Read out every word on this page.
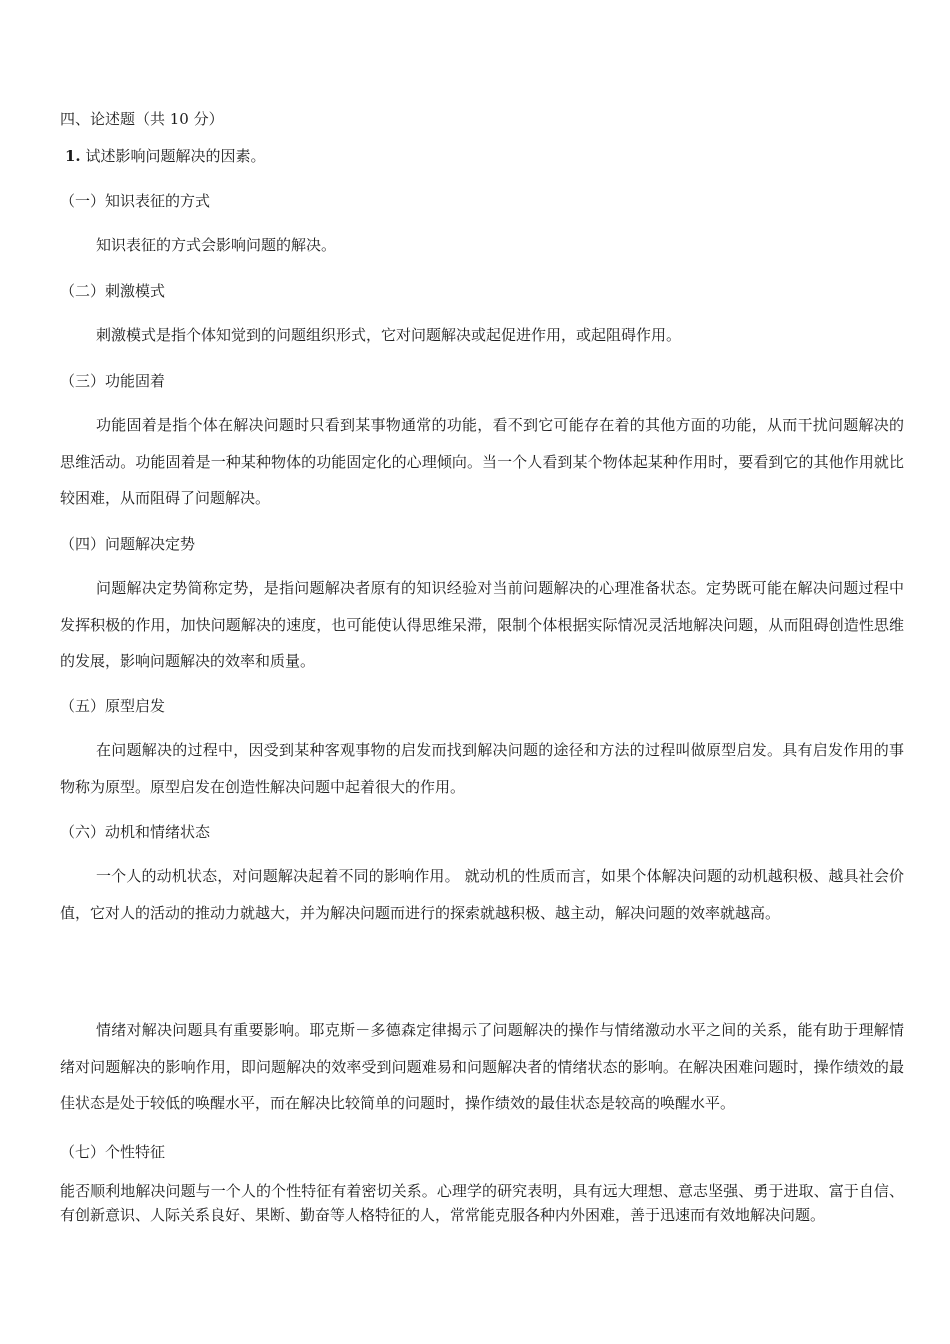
四、论述题（共 10 分）
1. 试述影响问题解决的因素。
（一）知识表征的方式

知识表征的方式会影响问题的解决。

（二）刺激模式

刺激模式是指个体知觉到的问题组织形式，它对问题解决或起促进作用，或起阻碍作用。

（三）功能固着

功能固着是指个体在解决问题时只看到某事物通常的功能，看不到它可能存在着的其他方面的功能，从而干扰问题解决的思维活动。功能固着是一种某种物体的功能固定化的心理倾向。当一个人看到某个物体起某种作用时，要看到它的其他作用就比较困难，从而阻碍了问题解决。

（四）问题解决定势

问题解决定势简称定势，是指问题解决者原有的知识经验对当前问题解决的心理准备状态。定势既可能在解决问题过程中发挥积极的作用，加快问题解决的速度，也可能使认得思维呆滞，限制个体根据实际情况灵活地解决问题，从而阻碍创造性思维的发展，影响问题解决的效率和质量。

（五）原型启发

在问题解决的过程中，因受到某种客观事物的启发而找到解决问题的途径和方法的过程叫做原型启发。具有启发作用的事物称为原型。原型启发在创造性解决问题中起着很大的作用。

（六）动机和情绪状态

一个人的动机状态，对问题解决起着不同的影响作用。 就动机的性质而言，如果个体解决问题的动机越积极、越具社会价值，它对人的活动的推动力就越大，并为解决问题而进行的探索就越积极、越主动，解决问题的效率就越高。

情绪对解决问题具有重要影响。耶克斯－多德森定律揭示了问题解决的操作与情绪激动水平之间的关系，能有助于理解情绪对问题解决的影响作用，即问题解决的效率受到问题难易和问题解决者的情绪状态的影响。在解决困难问题时，操作绩效的最佳状态是处于较低的唤醒水平，而在解决比较简单的问题时，操作绩效的最佳状态是较高的唤醒水平。

（七）个性特征

能否顺利地解决问题与一个人的个性特征有着密切关系。心理学的研究表明，具有远大理想、意志坚强、勇于进取、富于自信、有创新意识、人际关系良好、果断、勤奋等人格特征的人，常常能克服各种内外困难，善于迅速而有效地解决问题。
